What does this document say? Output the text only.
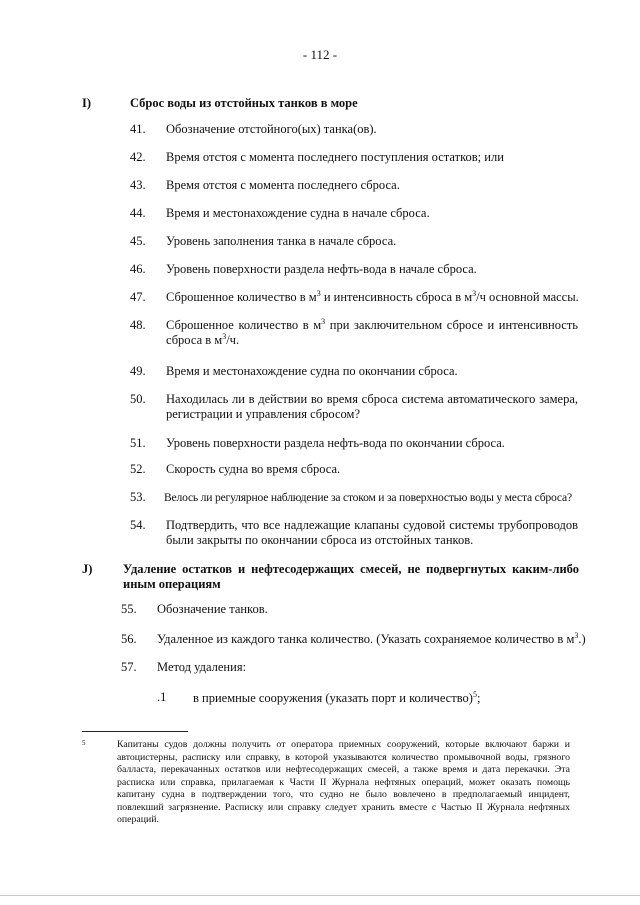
- 112 -
I)	Сброс воды из отстойных танков в море
41. Обозначение отстойного(ых) танка(ов).
42. Время отстоя с момента последнего поступления остатков; или
43. Время отстоя с момента последнего сброса.
44. Время и местонахождение судна в начале сброса.
45. Уровень заполнения танка в начале сброса.
46. Уровень поверхности раздела нефть-вода в начале сброса.
47. Сброшенное количество в $м^3$ и интенсивность сброса в $м^3/ч$ основной массы.
48. Сброшенное количество в $м^3$ при заключительном сбросе и интенсивность сброса в $м^3/ч$.
49. Время и местонахождение судна по окончании сброса.
50. Находилась ли в действии во время сброса система автоматического замера, регистрации и управления сбросом?
51. Уровень поверхности раздела нефть-вода по окончании сброса.
52. Скорость судна во время сброса.
53. Велось ли регулярное наблюдение за стоком и за поверхностью воды у места сброса?
54. Подтвердить, что все надлежащие клапаны судовой системы трубопроводов были закрыты по окончании сброса из отстойных танков.
J) Удаление остатков и нефтесодержащих смесей, не подвергнутых каким-либо иным операциям
55. Обозначение танков.
56. Удаленное из каждого танка количество. (Указать сохраняемое количество в $м^3$.)
57. Метод удаления:
.1 в приемные сооружения (указать порт и количество)$^5$;
5	Капитаны судов должны получить от оператора приемных сооружений, которые включают баржи и автоцистерны, расписку или справку, в которой указываются количество промывочной воды, грязного балласта, перекачанных остатков или нефтесодержащих смесей, а также время и дата перекачки. Эта расписка или справка, прилагаемая к Части II Журнала нефтяных операций, может оказать помощь капитану судна в подтверждении того, что судно не было вовлечено в предполагаемый инцидент, повлекший загрязнение. Расписку или справку следует хранить вместе с Частью II Журнала нефтяных операций.
